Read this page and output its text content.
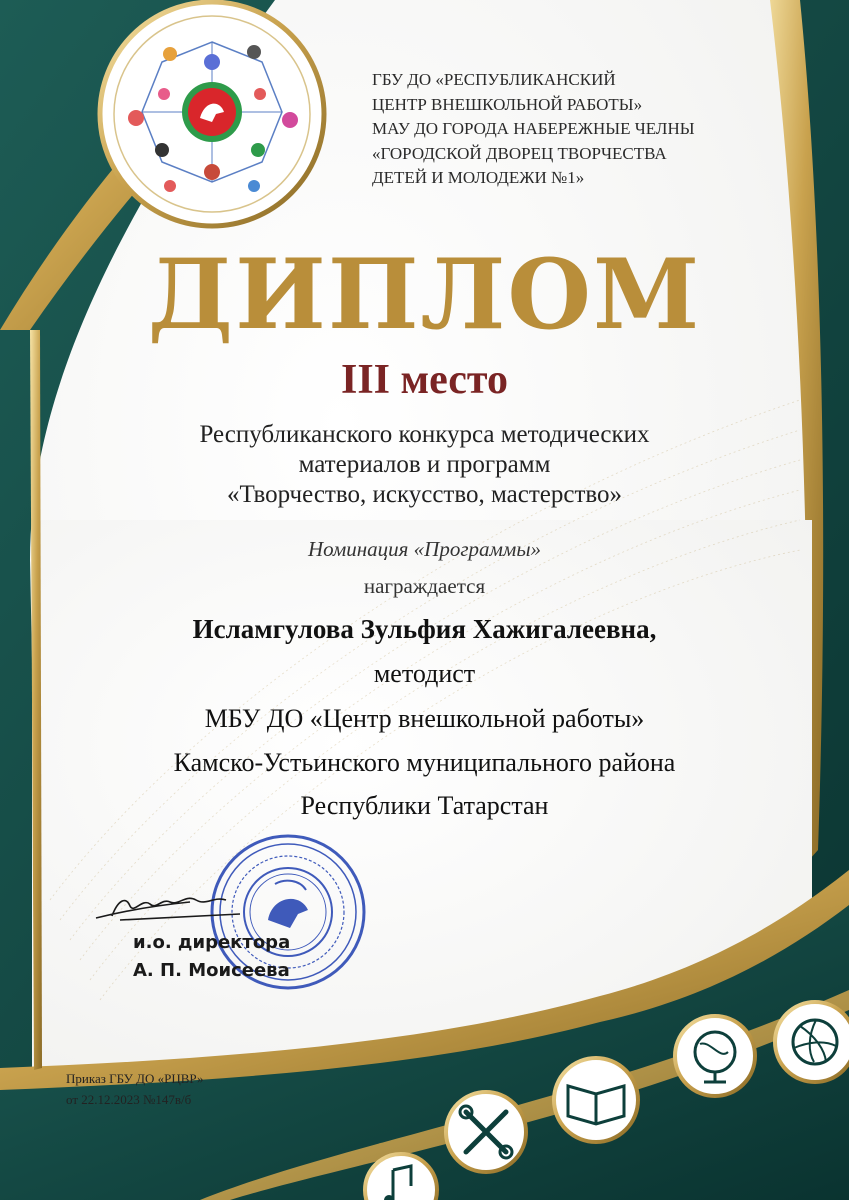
ГБУ ДО «РЕСПУБЛИКАНСКИЙ
ЦЕНТР ВНЕШКОЛЬНОЙ РАБОТЫ»
МАУ ДО ГОРОДА НАБЕРЕЖНЫЕ ЧЕЛНЫ
«ГОРОДСКОЙ ДВОРЕЦ ТВОРЧЕСТВА
ДЕТЕЙ И МОЛОДЕЖИ №1»
ДИПЛОМ
III место
Республиканского конкурса методических
материалов и программ
«Творчество, искусство, мастерство»
Номинация «Программы»
награждается
Исламгулова Зульфия Хажигалеевна,
методист
МБУ ДО «Центр внешкольной работы»
Камско-Устьинского муниципального района
Республики Татарстан
и.о. директора
А. П. Моисеева
Приказ ГБУ ДО «РЦВР»
от 22.12.2023 №147в/б
